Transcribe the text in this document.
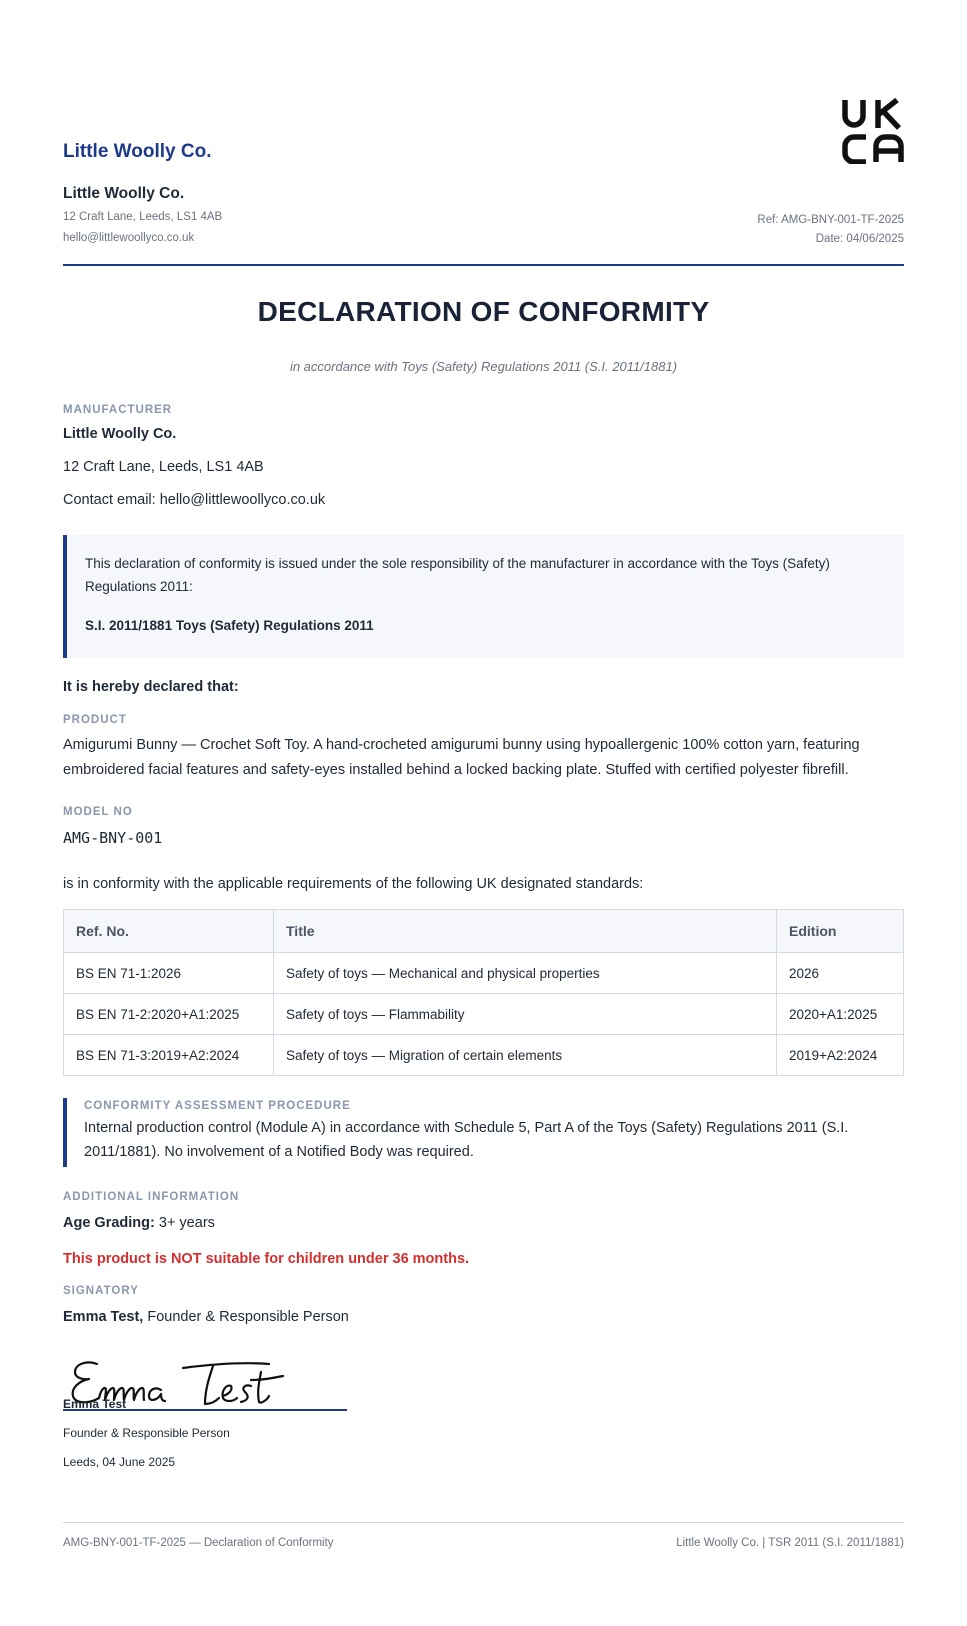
Little Woolly Co.
Little Woolly Co.
12 Craft Lane, Leeds, LS1 4AB
hello@littlewoollyco.co.uk
Ref: AMG-BNY-001-TF-2025
Date: 04/06/2025
DECLARATION OF CONFORMITY
in accordance with Toys (Safety) Regulations 2011 (S.I. 2011/1881)
MANUFACTURER
Little Woolly Co.
12 Craft Lane, Leeds, LS1 4AB
Contact email: hello@littlewoollyco.co.uk
This declaration of conformity is issued under the sole responsibility of the manufacturer in accordance with the Toys (Safety) Regulations 2011:
S.I. 2011/1881 Toys (Safety) Regulations 2011
It is hereby declared that:
PRODUCT
Amigurumi Bunny — Crochet Soft Toy. A hand-crocheted amigurumi bunny using hypoallergenic 100% cotton yarn, featuring embroidered facial features and safety-eyes installed behind a locked backing plate. Stuffed with certified polyester fibrefill.
MODEL NO
AMG-BNY-001
is in conformity with the applicable requirements of the following UK designated standards:
Ref. No.	Title	Edition
BS EN 71-1:2026	Safety of toys — Mechanical and physical properties	2026
BS EN 71-2:2020+A1:2025	Safety of toys — Flammability	2020+A1:2025
BS EN 71-3:2019+A2:2024	Safety of toys — Migration of certain elements	2019+A2:2024
CONFORMITY ASSESSMENT PROCEDURE
Internal production control (Module A) in accordance with Schedule 5, Part A of the Toys (Safety) Regulations 2011 (S.I. 2011/1881). No involvement of a Notified Body was required.
ADDITIONAL INFORMATION
Age Grading: 3+ years
This product is NOT suitable for children under 36 months.
SIGNATORY
Emma Test, Founder & Responsible Person
Emma Test
Founder & Responsible Person
Leeds, 04 June 2025
AMG-BNY-001-TF-2025 — Declaration of Conformity	Little Woolly Co. | TSR 2011 (S.I. 2011/1881)
